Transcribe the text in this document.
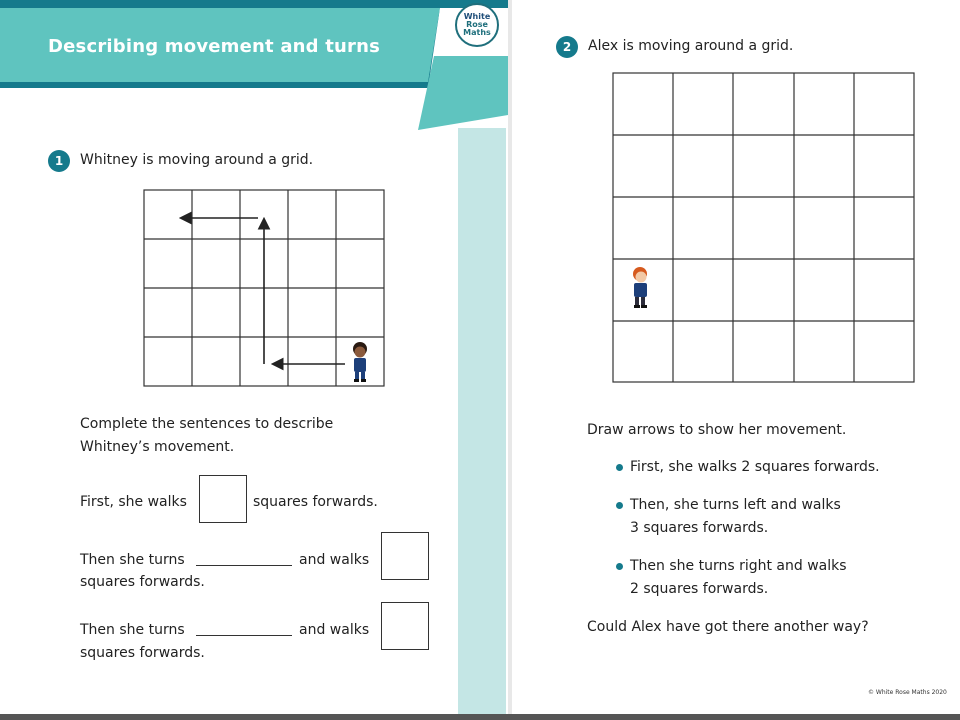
Describing movement and turns
White
Rose
Maths
1	Whitney is moving around a grid.
Complete the sentences to describe
Whitney’s movement.
First, she walks	squares forwards.
Then she turns	and walks
squares forwards.
Then she turns	and walks
squares forwards.
2	Alex is moving around a grid.
Draw arrows to show her movement.
First, she walks 2 squares forwards.
Then, she turns left and walks
3 squares forwards.
Then she turns right and walks
2 squares forwards.
Could Alex have got there another way?
© White Rose Maths 2020
